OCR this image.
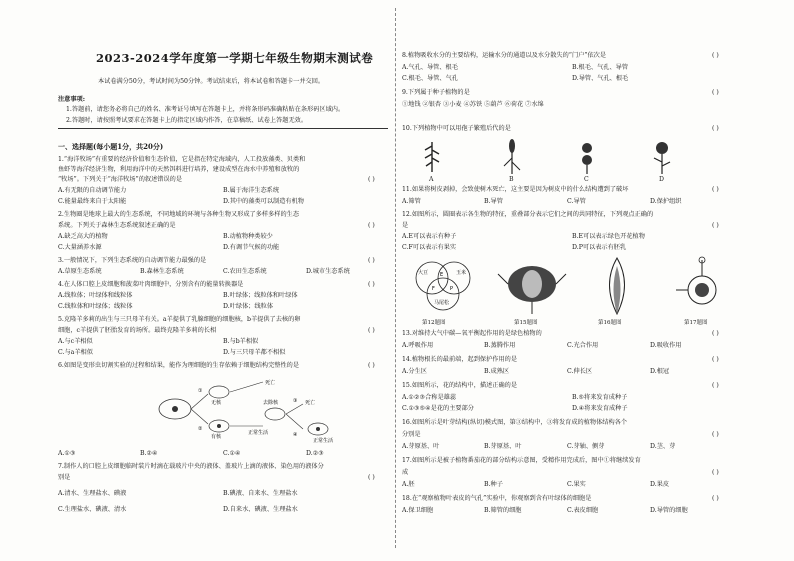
2023-2024学年度第一学期七年级生物期末测试卷
本试卷满分50分，考试时间为50分钟。考试结束后，将本试卷和答题卡一并交回。
注意事项:
1.答题前，请您务必将自己的姓名、准考证号填写在答题卡上，并将条形码准确粘贴在条形码区域内。
2.答题时，请按照考试要求在答题卡上的指定区域内作答，在草稿纸、试卷上答题无效。
一、选择题(每小题1分，共20分)
1.“海洋牧场”有重要的经济价值和生态价值，它是指在特定海域内，人工投放藻类、贝类和
鱼虾等海洋经济生物，利用海洋中的天然饵料进行培养，建设成型在海水中养殖和放牧的
“牧场”。下列关于“海洋牧场”的叙述错误的是	( )
A.有无限的自动调节能力	B.属于海洋生态系统
C.能量最终来自于太阳能	D.其中的藻类可以制造有机物
2.生物圈是地球上最大的生态系统，不同地域的环境与各种生物又形成了多样多样的生态
系统。下列关于森林生态系统叙述正确的是	( )
A.缺乏高大的植物	B.动植物种类较少
C.大量涵养水源	D.有调节气候的功能
3.一般情况下，下列生态系统的自动调节能力最强的是	( )
A.草原生态系统	B.森林生态系统	C.农田生态系统	D.城市生态系统
4.在人体口腔上皮细胞和菠菜叶肉细胞中，分别含有的能量转换器是	( )
A.线粒体；叶绿体和线粒体	B.叶绿体；线粒体和叶绿体
C.线粒体和叶绿体；线粒体	D.叶绿体；线粒体
5.克隆羊多莉的出生与三只母羊有关。a羊提供了乳腺细胞的细胞核，b羊提供了去核的卵
细胞，c羊提供了胚胎发育的场所。最终克隆羊多莉的长相	( )
A.与c羊相似	B.与b羊相似
C.与a羊相似	D.与三只母羊都不相似
6.如图是变形虫切割实验的过程和结果，能作为理细胞的生存依赖于细胞结构完整性的是	( )
无核
有核
①
②
③
④
死亡
正常生活
死亡
去除核
正常生活
A.①③	B.②④	C.①④	D.②③
7.制作人的口腔上皮细胞临时装片时滴在载玻片中央的液体、盖玻片上滴的液体、染色用的液体分
别是	( )
A.清水、生理盐水、碘液	B.碘液、自来水、生理盐水
C.生理盐水、碘液、清水	D.自来水、碘液、生理盐水
8.植物吸收水分的主要结构，运输水分的通道以及水分散失的“门户”依次是	( )
A.气孔、导管、根毛	B.根毛、气孔、导管
C.根毛、导管、气孔	D.导管、气孔、根毛
9.下列属于种子植物的是	( )
①地钱 ②银杏 ③小麦 ④苏铁 ⑤葫芦 ⑥荷花 ⑦水绵
10.下列植物中可以用孢子繁殖后代的是	( )
A	B	C	D
11.如果将树皮剥掉，会致使树木死亡，这主要是因为树皮中的什么结构遭到了破坏	( )
A.筛管	B.导管	C.导管	D.保护组织
12.如图所示，圆圈表示各生物的特征，重叠部分表示它们之间的共同特征，下列观点正确的
是	( )
A.E可以表示有种子	B.E可以表示绿色开花植物
C.F可以表示有果实	D.P可以表示有胚乳
大豆	玉米
马尾松
E
F	P
第12题图	第15题图	第16题图	第17题图
13.对维持大气中碳—氧平衡起作用的是绿色植物的	( )
A.呼吸作用	B.蒸腾作用	C.光合作用	D.吸收作用
14.植物根长的最前端，起到保护作用的是	( )
A.分生区	B.成熟区	C.伸长区	D.根冠
15.如图所示，花的结构中，描述正确的是	( )
A.①②③合称是雄蕊	B.⑤将来发育成种子
C.①③⑤④是花的主要部分	D.④将来发育成种子
16.如图所示是叶芽结构(纵切)模式图，第③结构中，③将发育成的植物体结构各个
分别是	( )
A.芽原基、叶	B.芽原基、叶	C.芽轴、侧芽	D.茎、芽
17.如图所示是被子植物番茄花的部分结构示意图，受精作用完成后，图中①将继续发育
成	( )
A.胚	B.种子	C.果实	D.果皮
18.在“观察植物叶表皮的气孔”实验中，你观察到含有叶绿体的细胞是	( )
A.保卫细胞	B.筛管的细胞	C.表皮细胞	D.导管的细胞
